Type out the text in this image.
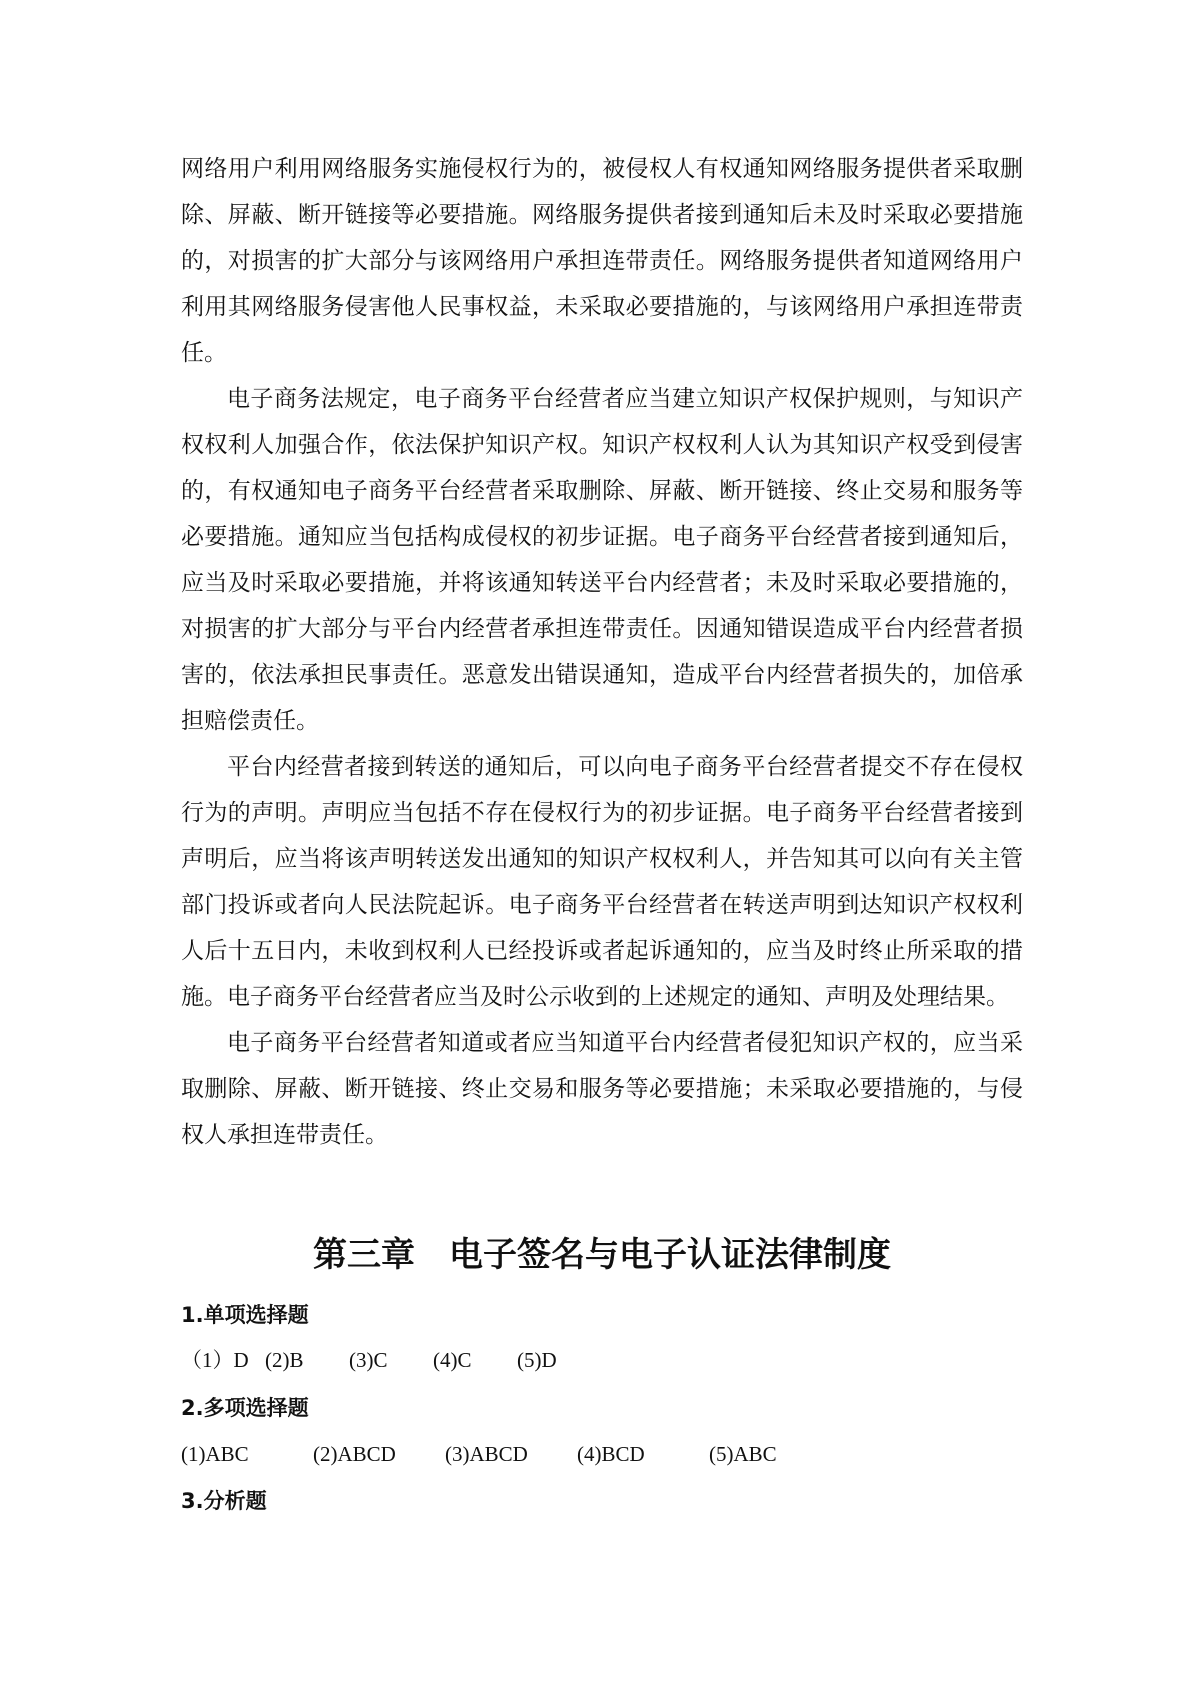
网络用户利用网络服务实施侵权行为的，被侵权人有权通知网络服务提供者采取删除、屏蔽、断开链接等必要措施。网络服务提供者接到通知后未及时采取必要措施的，对损害的扩大部分与该网络用户承担连带责任。网络服务提供者知道网络用户利用其网络服务侵害他人民事权益，未采取必要措施的，与该网络用户承担连带责任。

电子商务法规定，电子商务平台经营者应当建立知识产权保护规则，与知识产权权利人加强合作，依法保护知识产权。知识产权权利人认为其知识产权受到侵害的，有权通知电子商务平台经营者采取删除、屏蔽、断开链接、终止交易和服务等必要措施。通知应当包括构成侵权的初步证据。电子商务平台经营者接到通知后，应当及时采取必要措施，并将该通知转送平台内经营者；未及时采取必要措施的，对损害的扩大部分与平台内经营者承担连带责任。因通知错误造成平台内经营者损害的，依法承担民事责任。恶意发出错误通知，造成平台内经营者损失的，加倍承担赔偿责任。

平台内经营者接到转送的通知后，可以向电子商务平台经营者提交不存在侵权行为的声明。声明应当包括不存在侵权行为的初步证据。电子商务平台经营者接到声明后，应当将该声明转送发出通知的知识产权权利人，并告知其可以向有关主管部门投诉或者向人民法院起诉。电子商务平台经营者在转送声明到达知识产权权利人后十五日内，未收到权利人已经投诉或者起诉通知的，应当及时终止所采取的措施。电子商务平台经营者应当及时公示收到的上述规定的通知、声明及处理结果。

电子商务平台经营者知道或者应当知道平台内经营者侵犯知识产权的，应当采取删除、屏蔽、断开链接、终止交易和服务等必要措施；未采取必要措施的，与侵权人承担连带责任。

第三章　电子签名与电子认证法律制度

1.单项选择题

（1）D (2)B (3)C (4)C (5)D

2.多项选择题

(1)ABC	(2)ABCD (3)ABCD (4)BCD	(5)ABC

3.分析题
